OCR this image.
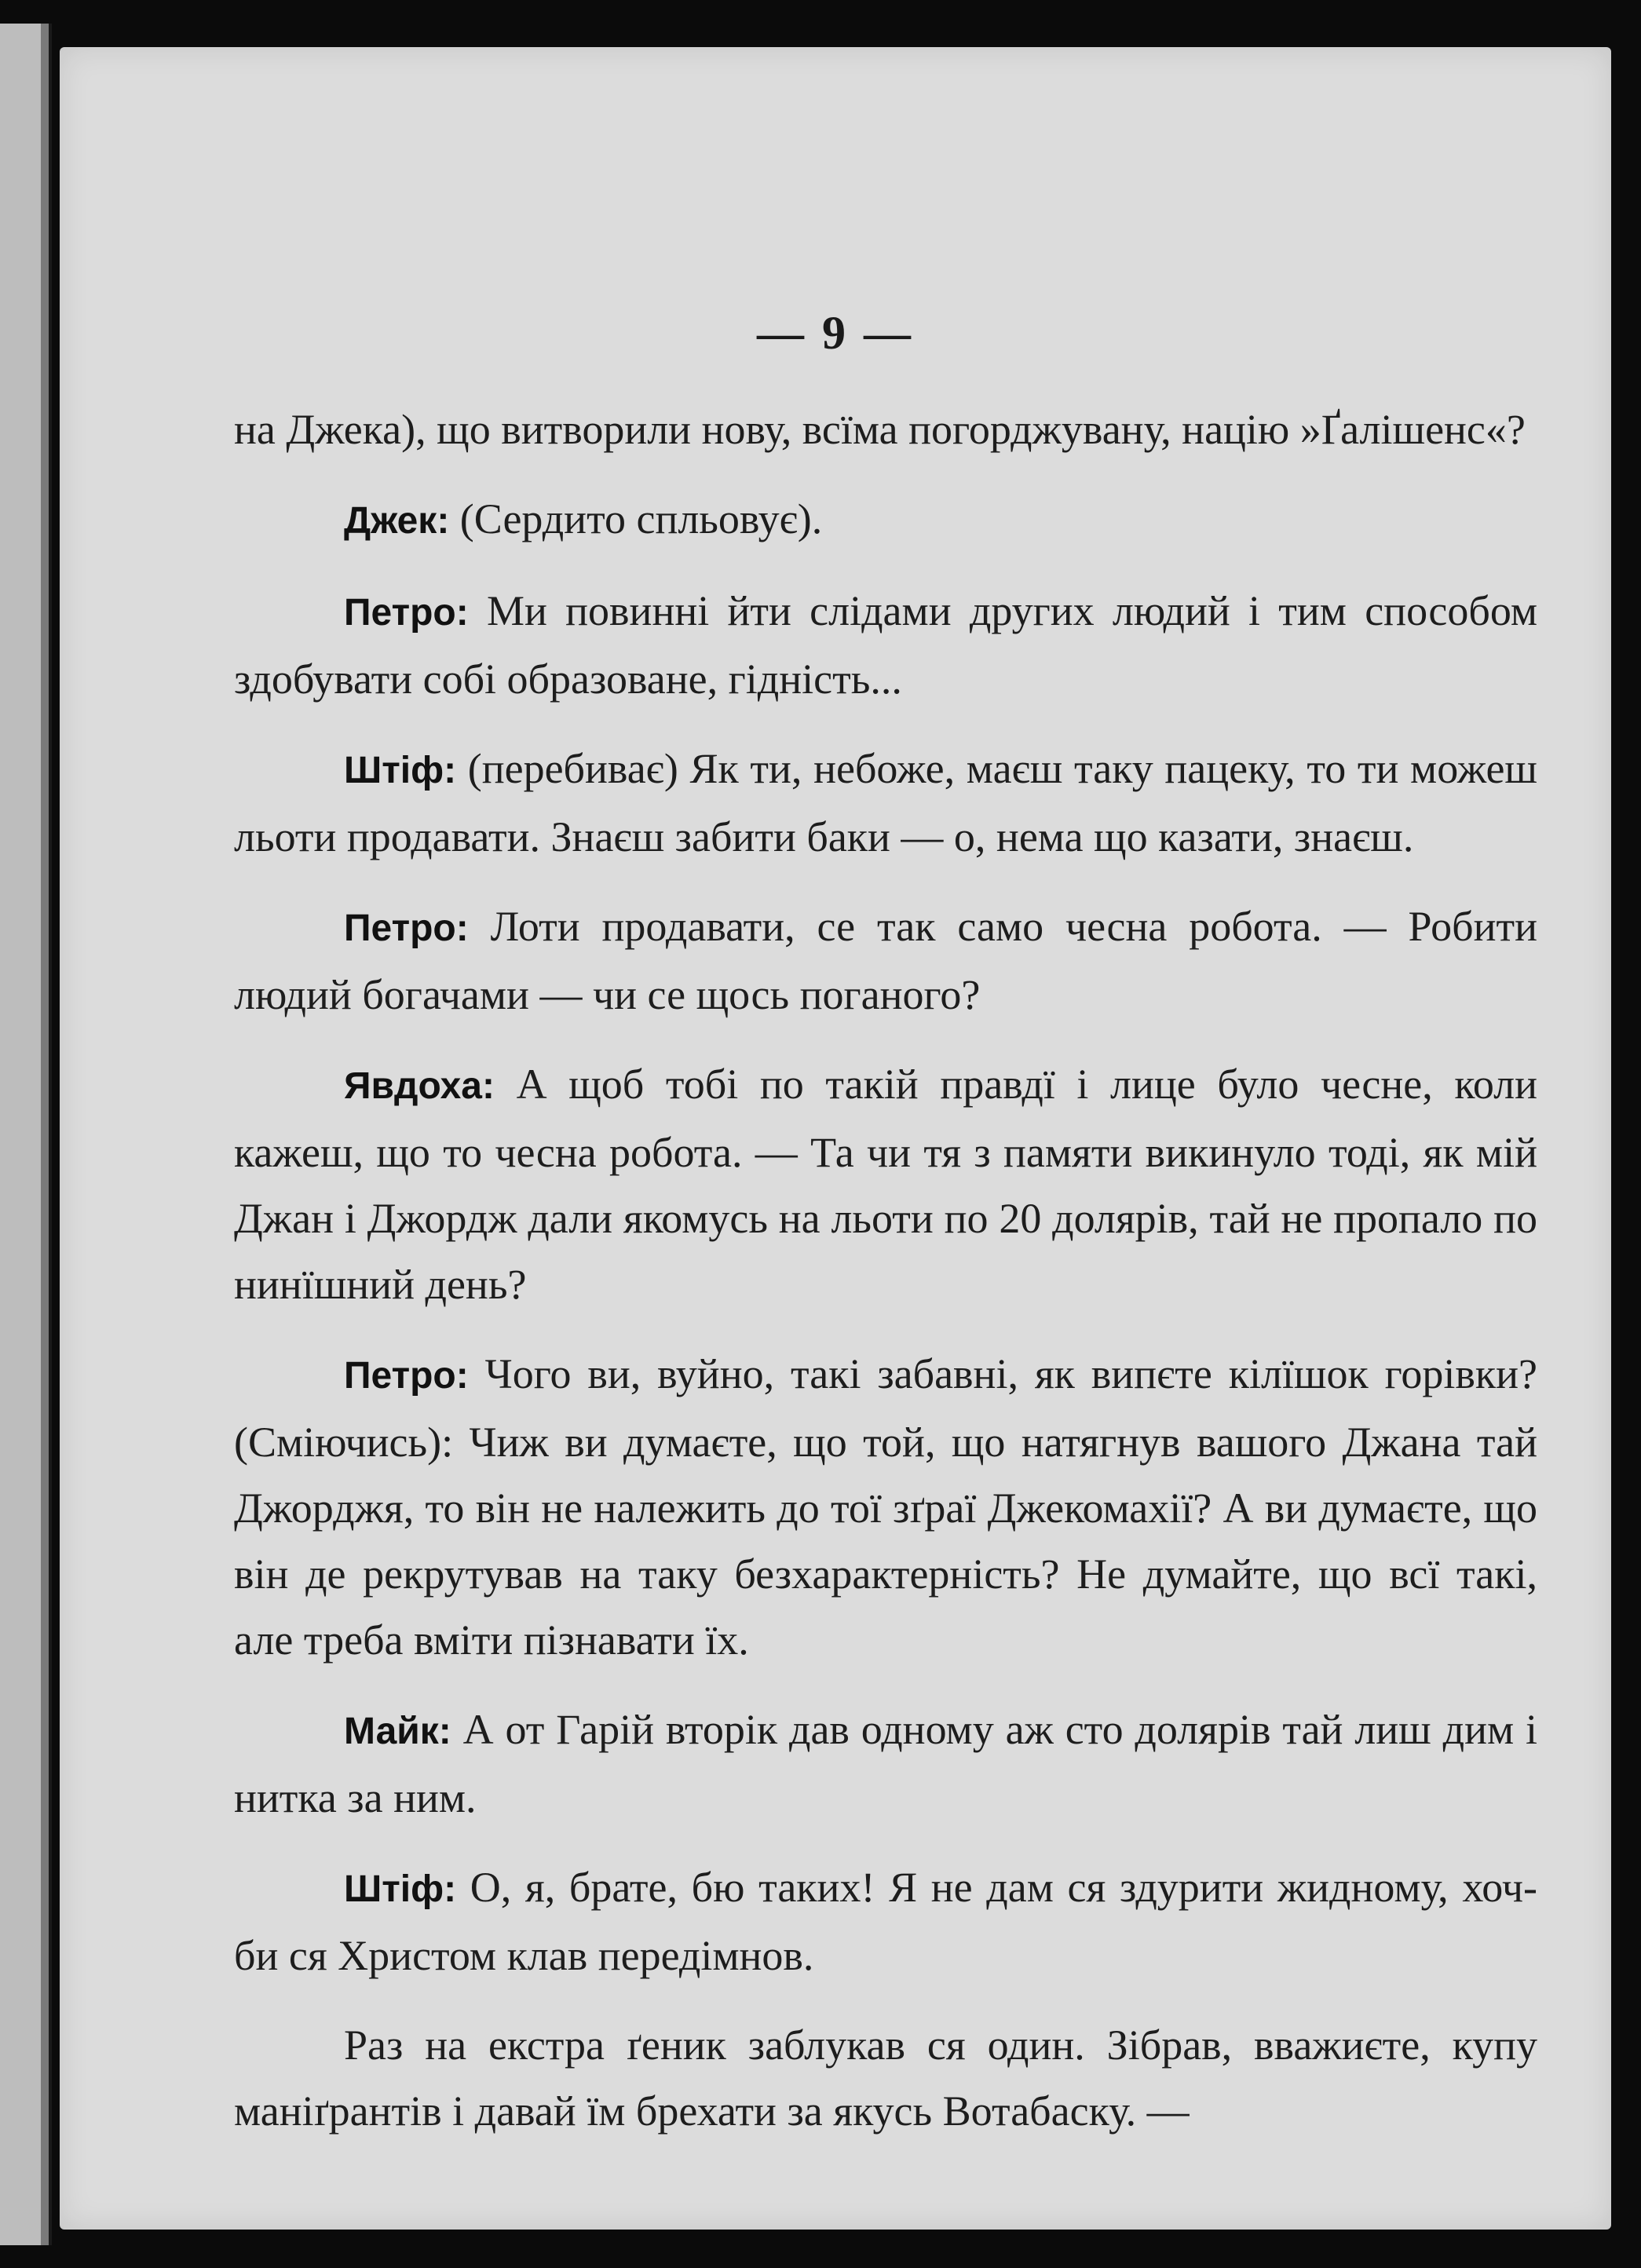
— 9 —

на Джека), що витворили нову, всїма погорджувану, націю »Ґалішенс«?

Джек: (Сердито спльовує).

Петро: Ми повинні йти слідами других людий і тим способом здобувати собі образоване, гідність...

Штіф: (перебиває) Як ти, небоже, маєш таку пацеку, то ти можеш льоти продавати. Знаєш забити баки — о, нема що казати, знаєш.

Петро: Лоти продавати, се так само чесна робота. — Робити людий богачами — чи се щось поганого?

Явдоха: А щоб тобі по такій правдї і лице було чесне, коли кажеш, що то чесна робота. — Та чи тя з памяти викинуло тоді, як мій Джан і Джордж дали якомусь на льоти по 20 долярів, тай не пропало по нинїшний день?

Петро: Чого ви, вуйно, такі забавні, як випєте кілїшок горівки? (Сміючись): Чиж ви думаєте, що той, що натягнув вашого Джана тай Джорджя, то він не належить до тої зґраї Джекомахії? А ви думаєте, що він де рекрутував на таку безхарактерність? Не думайте, що всї такі, але треба вміти пізнавати їх.

Майк: А от Гарій вторік дав одному аж сто долярів тай лиш дим і нитка за ним.

Штіф: О, я, брате, бю таких! Я не дам ся здурити жидному, хоч-би ся Христом клав передімнов.

Раз на екстра ґеник заблукав ся один. Зібрав, вважиєте, купу маніґрантів і давай їм брехати за якусь Вотабаску. —
